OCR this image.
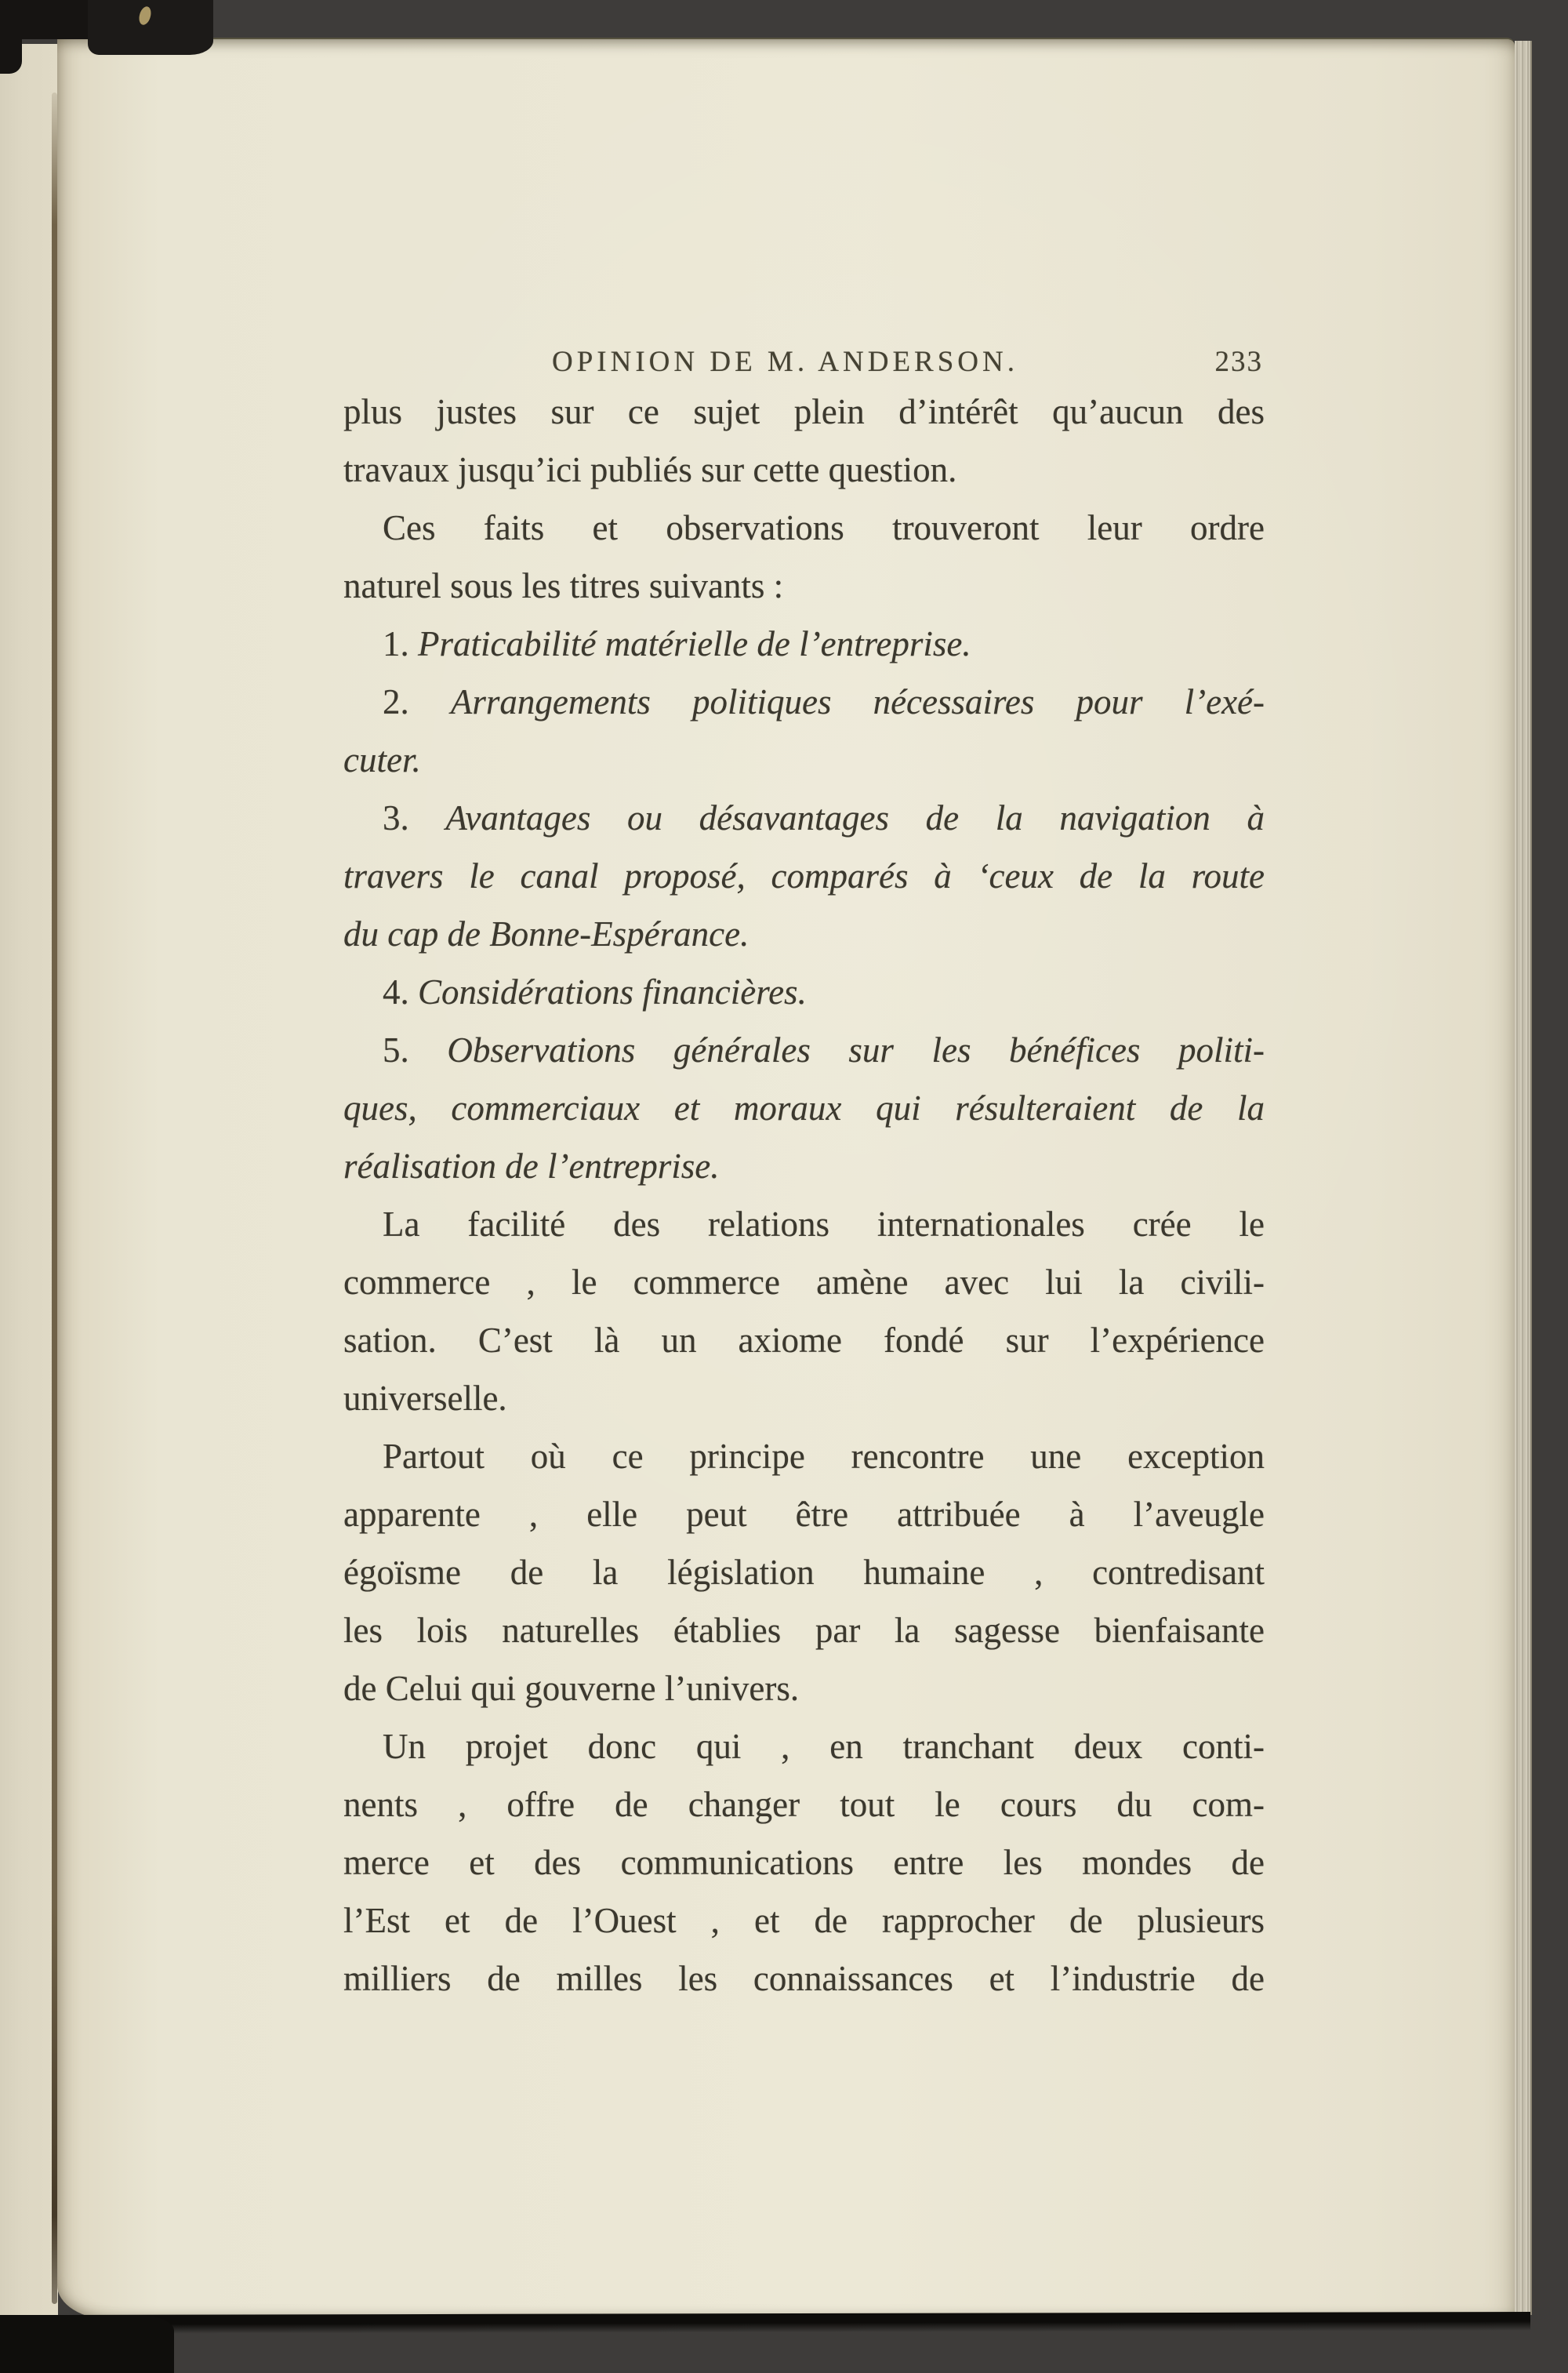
OPINION DE M. ANDERSON.	233
plus justes sur ce sujet plein d’intérêt qu’aucun des
travaux jusqu’ici publiés sur cette question.
Ces faits et observations trouveront leur ordre
naturel sous les titres suivants :
1. Praticabilité matérielle de l’entreprise.
2. Arrangements politiques nécessaires pour l’exé-
cuter.
3. Avantages ou désavantages de la navigation à
travers le canal proposé, comparés à ‘ceux de la route
du cap de Bonne-Espérance.
4. Considérations financières.
5. Observations générales sur les bénéfices politi-
ques, commerciaux et moraux qui résulteraient de la
réalisation de l’entreprise.
La facilité des relations internationales crée le
commerce , le commerce amène avec lui la civili-
sation. C’est là un axiome fondé sur l’expérience
universelle.
Partout où ce principe rencontre une exception
apparente , elle peut être attribuée à l’aveugle
égoïsme de la législation humaine , contredisant
les lois naturelles établies par la sagesse bienfaisante
de Celui qui gouverne l’univers.
Un projet donc qui , en tranchant deux conti-
nents , offre de changer tout le cours du com-
merce et des communications entre les mondes de
l’Est et de l’Ouest , et de rapprocher de plusieurs
milliers de milles les connaissances et l’industrie de
